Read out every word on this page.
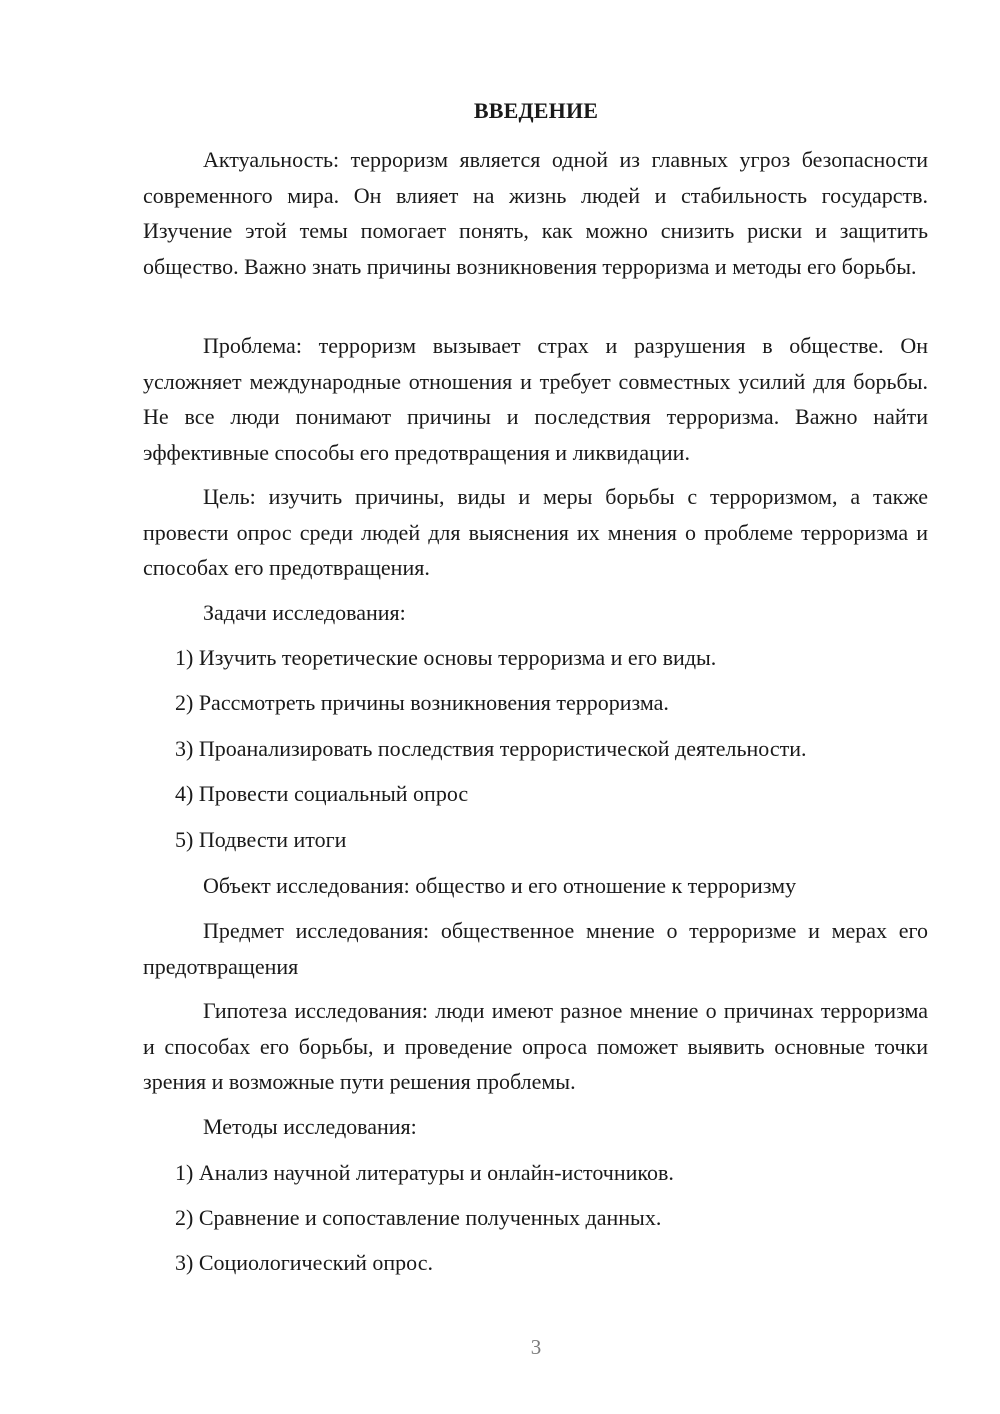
ВВЕДЕНИЕ

Актуальность: терроризм является одной из главных угроз безопасности современного мира. Он влияет на жизнь людей и стабильность государств. Изучение этой темы помогает понять, как можно снизить риски и защитить общество. Важно знать причины возникновения терроризма и методы его борьбы.

Проблема: терроризм вызывает страх и разрушения в обществе. Он усложняет международные отношения и требует совместных усилий для борьбы. Не все люди понимают причины и последствия терроризма. Важно найти эффективные способы его предотвращения и ликвидации.

Цель: изучить причины, виды и меры борьбы с терроризмом, а также провести опрос среди людей для выяснения их мнения о проблеме терроризма и способах его предотвращения.

Задачи исследования:

1) Изучить теоретические основы терроризма и его виды.

2) Рассмотреть причины возникновения терроризма.

3) Проанализировать последствия террористической деятельности.

4) Провести социальный опрос

5) Подвести итоги

Объект исследования: общество и его отношение к терроризму

Предмет исследования: общественное мнение о терроризме и мерах его предотвращения

Гипотеза исследования: люди имеют разное мнение о причинах терроризма и способах его борьбы, и проведение опроса поможет выявить основные точки зрения и возможные пути решения проблемы.

Методы исследования:

1) Анализ научной литературы и онлайн-источников.

2) Сравнение и сопоставление полученных данных.

3) Социологический опрос.

3
